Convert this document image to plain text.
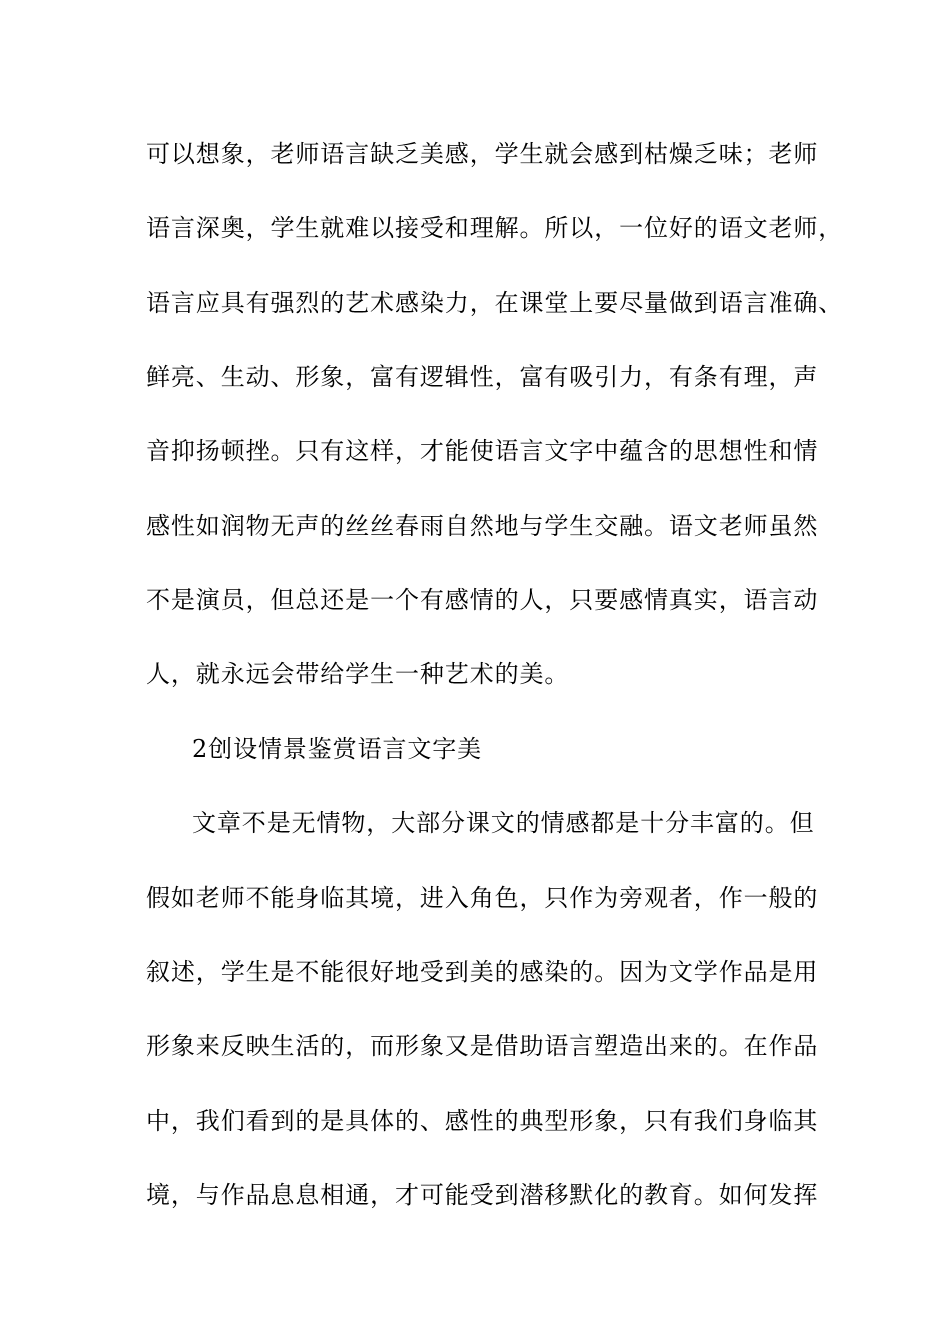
可以想象，老师语言缺乏美感，学生就会感到枯燥乏味；老师
语言深奥，学生就难以接受和理解。所以，一位好的语文老师，
语言应具有强烈的艺术感染力，在课堂上要尽量做到语言准确、
鲜亮、生动、形象，富有逻辑性，富有吸引力，有条有理，声
音抑扬顿挫。只有这样，才能使语言文字中蕴含的思想性和情
感性如润物无声的丝丝春雨自然地与学生交融。语文老师虽然
不是演员，但总还是一个有感情的人，只要感情真实，语言动
人，就永远会带给学生一种艺术的美。
2创设情景鉴赏语言文字美
文章不是无情物，大部分课文的情感都是十分丰富的。但
假如老师不能身临其境，进入角色，只作为旁观者，作一般的
叙述，学生是不能很好地受到美的感染的。因为文学作品是用
形象来反映生活的，而形象又是借助语言塑造出来的。在作品
中，我们看到的是具体的、感性的典型形象，只有我们身临其
境，与作品息息相通，才可能受到潜移默化的教育。如何发挥
